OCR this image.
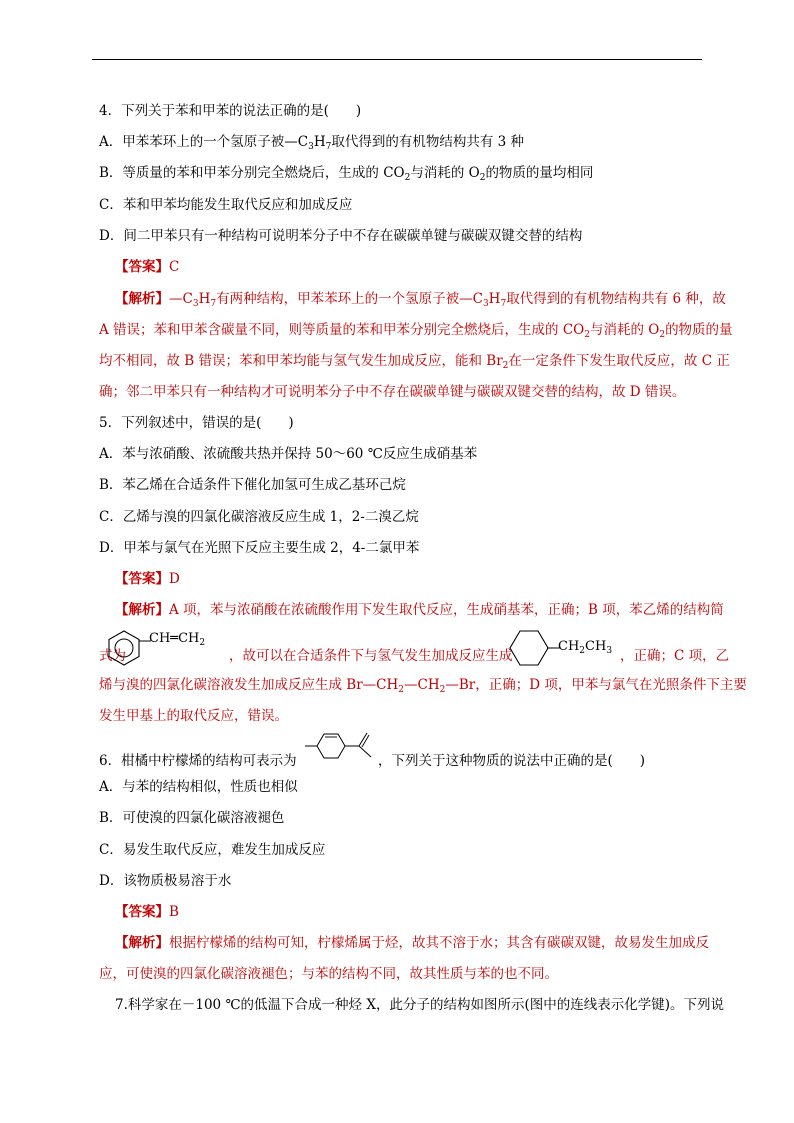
4．下列关于苯和甲苯的说法正确的是(　　)
A．甲苯苯环上的一个氢原子被$—C_3H_7$取代得到的有机物结构共有 3 种
B．等质量的苯和甲苯分别完全燃烧后，生成的 $CO_2$与消耗的 $O_2$的物质的量均相同
C．苯和甲苯均能发生取代反应和加成反应
D．间二甲苯只有一种结构可说明苯分子中不存在碳碳单键与碳碳双键交替的结构
【答案】C
【解析】$—C_3H_7$有两种结构，甲苯苯环上的一个氢原子被$—C_3H_7$取代得到的有机物结构共有 6 种，故
A 错误；苯和甲苯含碳量不同，则等质量的苯和甲苯分别完全燃烧后，生成的 $CO_2$与消耗的 $O_2$的物质的量
均不相同，故 B 错误；苯和甲苯均能与氢气发生加成反应，能和 $Br_2$在一定条件下发生取代反应，故 C 正
确；邻二甲苯只有一种结构才可说明苯分子中不存在碳碳单键与碳碳双键交替的结构，故 D 错误。
5．下列叙述中，错误的是(　　)
A．苯与浓硝酸、浓硫酸共热并保持 50～60 ℃反应生成硝基苯
B．苯乙烯在合适条件下催化加氢可生成乙基环己烷
C．乙烯与溴的四氯化碳溶液反应生成 1，2-二溴乙烷
D．甲苯与氯气在光照下反应主要生成 2，4-二氯甲苯
【答案】D
【解析】A 项，苯与浓硝酸在浓硫酸作用下发生取代反应，生成硝基苯，正确；B 项，苯乙烯的结构简
式为
$CH═CH_2$
，故可以在合适条件下与氢气发生加成反应生成
$CH_2CH_3$ ，正确；C 项，乙
烯与溴的四氯化碳溶液发生加成反应生成 $Br—CH_2—CH_2—Br$，正确；D 项，甲苯与氯气在光照条件下主要
发生甲基上的取代反应，错误。
6．柑橘中柠檬烯的结构可表示为	，下列关于这种物质的说法中正确的是(　　)
A．与苯的结构相似，性质也相似
B．可使溴的四氯化碳溶液褪色
C．易发生取代反应，难发生加成反应
D．该物质极易溶于水
【答案】B
【解析】根据柠檬烯的结构可知，柠檬烯属于烃，故其不溶于水；其含有碳碳双键，故易发生加成反
应，可使溴的四氯化碳溶液褪色；与苯的结构不同，故其性质与苯的也不同。
7.科学家在－100 ℃的低温下合成一种烃 X，此分子的结构如图所示(图中的连线表示化学键)。下列说
